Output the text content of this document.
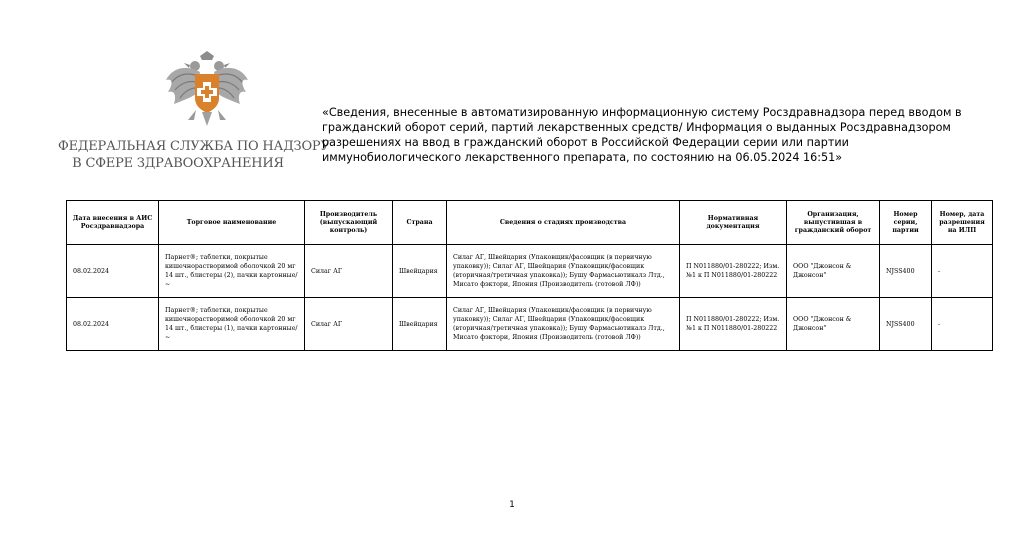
ФЕДЕРАЛЬНАЯ СЛУЖБА ПО НАДЗОРУ
В СФЕРЕ ЗДРАВООХРАНЕНИЯ
«Сведения, внесенные в автоматизированную информационную систему Росздравнадзора перед вводом в гражданский оборот серий, партий лекарственных средств/ Информация о выданных Росздравнадзором разрешениях на ввод в гражданский оборот в Российской Федерации серии или партии иммунобиологического лекарственного препарата, по состоянию на 06.05.2024 16:51»
Дата внесения в АИС Росздравнадзора	Торговое наименование	Производитель (выпускающий контроль)	Страна	Сведения о стадиях производства	Нормативная документация	Организация, выпустившая в гражданский оборот	Номер серии, партии	Номер, дата разрешения на ИЛП
08.02.2024	Парнет®; таблетки, покрытые кишечнорастворимой оболочкой 20 мг 14 шт., блистеры (2), пачки картонные/ ~	Силаг АГ	Швейцария	Силаг АГ, Швейцария (Упаковщик/фасовщик (в первичную упаковку)); Силаг АГ, Швейцария (Упаковщик/фасовщик (вторичная/третичная упаковка)); Бушу Фармасьютикалз Лтд., Мисато фэктори, Япония (Производитель (готовой ЛФ))	П N011880/01-280222; Изм. №1 к П N011880/01-280222	ООО "Джонсон & Джонсон"	NJSS400	-
08.02.2024	Парнет®; таблетки, покрытые кишечнорастворимой оболочкой 20 мг 14 шт., блистеры (1), пачки картонные/ ~	Силаг АГ	Швейцария	Силаг АГ, Швейцария (Упаковщик/фасовщик (в первичную упаковку)); Силаг АГ, Швейцария (Упаковщик/фасовщик (вторичная/третичная упаковка)); Бушу Фармасьютикалз Лтд., Мисато фэктори, Япония (Производитель (готовой ЛФ))	П N011880/01-280222; Изм. №1 к П N011880/01-280222	ООО "Джонсон & Джонсон"	NJSS400	-
1
